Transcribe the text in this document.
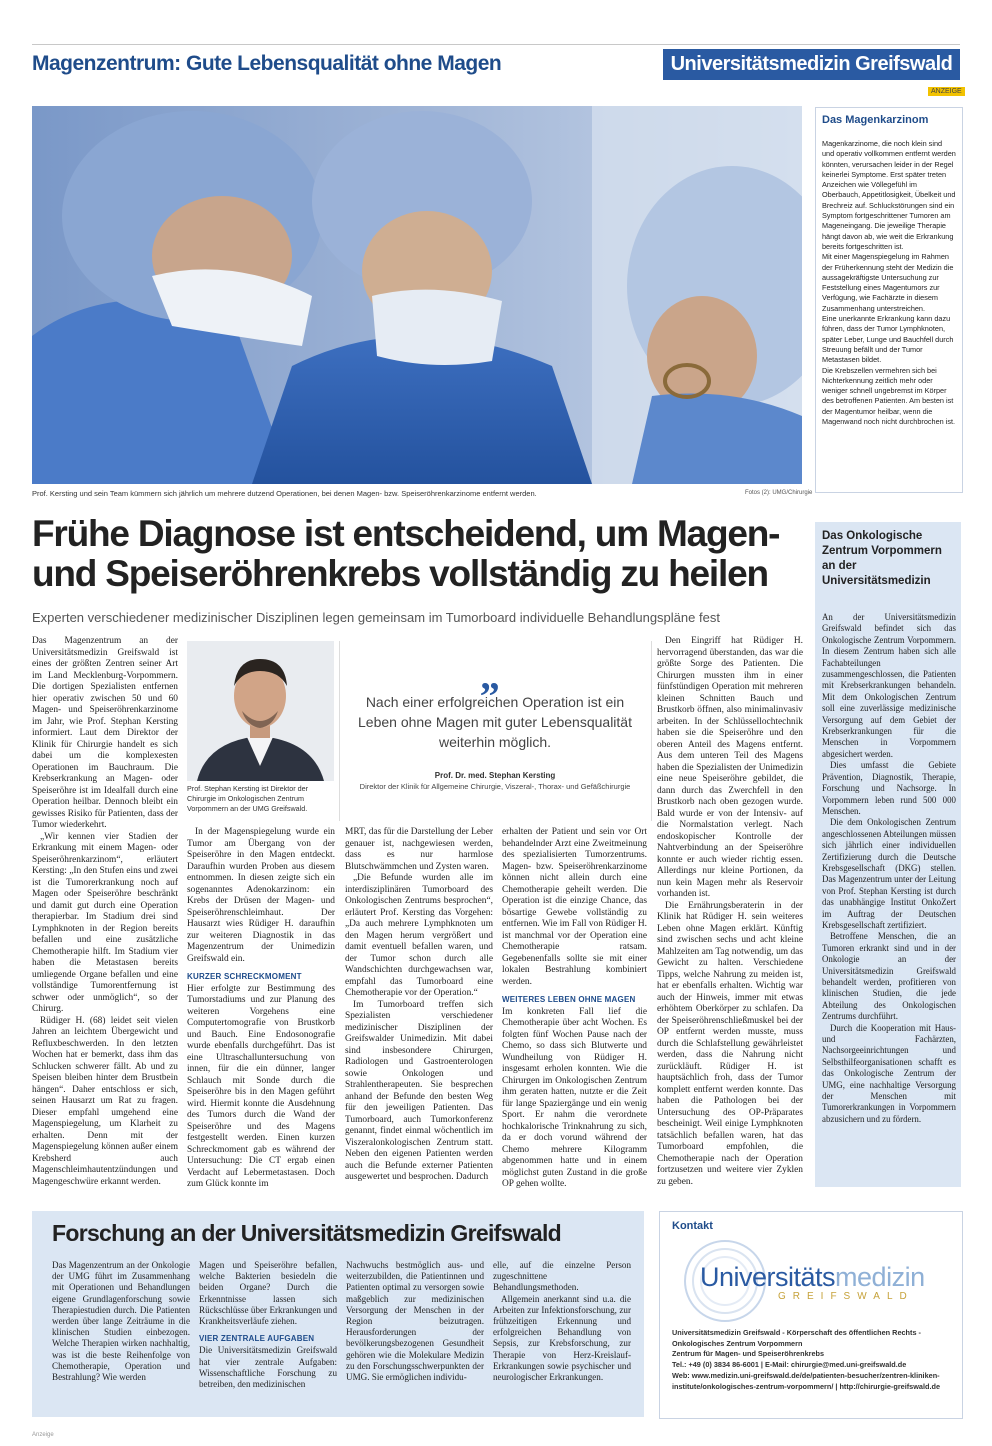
Magenzentrum: Gute Lebensqualität ohne Magen	Universitätsmedizin Greifswald
ANZEIGE
Prof. Kersting und sein Team kümmern sich jährlich um mehrere dutzend Operationen, bei denen Magen- bzw. Speiseröhrenkarzinome entfernt werden.	Fotos (2): UMG/Chirurgie
Das Magenkarzinom
Magenkarzinome, die noch klein sind und operativ vollkommen entfernt werden könnten, verursachen leider in der Regel keinerlei Symptome. Erst später treten Anzeichen wie Völlegefühl im Oberbauch, Appetitlosigkeit, Übelkeit und Brechreiz auf. Schluckstörungen sind ein Symptom fortgeschrittener Tumoren am Mageneingang. Die jeweilige Therapie hängt davon ab, wie weit die Erkrankung bereits fortgeschritten ist.
Mit einer Magenspiegelung im Rahmen der Früherkennung steht der Medizin die aussagekräftigste Untersuchung zur Feststellung eines Magentumors zur Verfügung, wie Fachärzte in diesem Zusammenhang unterstreichen.
Eine unerkannte Erkrankung kann dazu führen, dass der Tumor Lymphknoten, später Leber, Lunge und Bauchfell durch Streuung befällt und der Tumor Metastasen bildet.
Die Krebszellen vermehren sich bei Nichterkennung zeitlich mehr oder weniger schnell ungebremst im Körper des betroffenen Patienten. Am besten ist der Magentumor heilbar, wenn die Magenwand noch nicht durchbrochen ist.
Frühe Diagnose ist entscheidend, um Magen- und Speiseröhrenkrebs vollständig zu heilen
Experten verschiedener medizinischer Disziplinen legen gemeinsam im Tumorboard individuelle Behandlungspläne fest

Das Magenzentrum an der Universitätsmedizin Greifswald ist eines der größten Zentren seiner Art im Land Mecklenburg-Vorpommern. Die dortigen Spezialisten entfernen hier operativ zwischen 50 und 60 Magen- und Speiseröhrenkarzinome im Jahr, wie Prof. Stephan Kersting informiert. Laut dem Direktor der Klinik für Chirurgie handelt es sich dabei um die komplexesten Operationen im Bauchraum. Die Krebserkrankung an Magen- oder Speiseröhre ist im Idealfall durch eine Operation heilbar. Dennoch bleibt ein gewisses Risiko für Patienten, dass der Tumor wiederkehrt.

„Wir kennen vier Stadien der Erkrankung mit einem Magen- oder Speiseröhrenkarzinom“, erläutert Kersting: „In den Stufen eins und zwei ist die Tumorerkrankung noch auf Magen oder Speiseröhre beschränkt und damit gut durch eine Operation therapierbar. Im Stadium drei sind Lymphknoten in der Region bereits befallen und eine zusätzliche Chemotherapie hilft. Im Stadium vier haben die Metastasen bereits umliegende Organe befallen und eine vollständige Tumorentfernung ist schwer oder unmöglich“, so der Chirurg.

Rüdiger H. (68) leidet seit vielen Jahren an leichtem Übergewicht und Refluxbeschwerden. In den letzten Wochen hat er bemerkt, dass ihm das Schlucken schwerer fällt. Ab und zu Speisen bleiben hinter dem Brustbein hängen“. Daher entschloss er sich, seinen Hausarzt um Rat zu fragen. Dieser empfahl umgehend eine Magenspiegelung, um Klarheit zu erhalten. Denn mit der Magenspiegelung können außer einem Krebsherd auch Magenschleimhautentzündungen und Magengeschwüre erkannt werden.

Prof. Stephan Kersting ist Direktor der Chirurgie im Onkologischen Zentrum Vorpommern an der UMG Greifswald.
„
Nach einer erfolgreichen Operation ist ein Leben ohne Magen mit guter Lebensqualität weiterhin möglich.
Prof. Dr. med. Stephan Kersting
Direktor der Klinik für Allgemeine Chirurgie, Viszeral-, Thorax- und Gefäßchirurgie

In der Magenspiegelung wurde ein Tumor am Übergang von der Speiseröhre in den Magen entdeckt. Daraufhin wurden Proben aus diesem entnommen. In diesen zeigte sich ein sogenanntes Adenokarzinom: ein Krebs der Drüsen der Magen- und Speiseröhrenschleimhaut. Der Hausarzt wies Rüdiger H. daraufhin zur weiteren Diagnostik in das Magenzentrum der Unimedizin Greifswald ein.

KURZER SCHRECKMOMENT

Hier erfolgte zur Bestimmung des Tumorstadiums und zur Planung des weiteren Vorgehens eine Computertomografie von Brustkorb und Bauch. Eine Endosonografie wurde ebenfalls durchgeführt. Das ist eine Ultraschalluntersuchung von innen, für die ein dünner, langer Schlauch mit Sonde durch die Speiseröhre bis in den Magen geführt wird. Hiermit konnte die Ausdehnung des Tumors durch die Wand der Speiseröhre und des Magens festgestellt werden. Einen kurzen Schreckmoment gab es während der Untersuchung: Die CT ergab einen Verdacht auf Lebermetastasen. Doch zum Glück konnte im

MRT, das für die Darstellung der Leber genauer ist, nachgewiesen werden, dass es nur harmlose Blutschwämmchen und Zysten waren.

„Die Befunde wurden alle im interdisziplinären Tumorboard des Onkologischen Zentrums besprochen“, erläutert Prof. Kersting das Vorgehen: „Da auch mehrere Lymphknoten um den Magen herum vergrößert und damit eventuell befallen waren, und der Tumor schon durch alle Wandschichten durchgewachsen war, empfahl das Tumorboard eine Chemotherapie vor der Operation.“

Im Tumorboard treffen sich Spezialisten verschiedener medizinischer Disziplinen der Greifswalder Unimedizin. Mit dabei sind insbesondere Chirurgen, Radiologen und Gastroenterologen sowie Onkologen und Strahlentherapeuten. Sie besprechen anhand der Befunde den besten Weg für den jeweiligen Patienten. Das Tumorboard, auch Tumorkonferenz genannt, findet einmal wöchentlich im Viszeralonkologischen Zentrum statt. Neben den eigenen Patienten werden auch die Befunde externer Patienten ausgewertet und besprochen. Dadurch

erhalten der Patient und sein vor Ort behandelnder Arzt eine Zweitmeinung des spezialisierten Tumorzentrums. Magen- bzw. Speiseröhrenkarzinome können nicht allein durch eine Chemotherapie geheilt werden. Die Operation ist die einzige Chance, das bösartige Gewebe vollständig zu entfernen. Wie im Fall von Rüdiger H. ist manchmal vor der Operation eine Chemotherapie ratsam. Gegebenenfalls sollte sie mit einer lokalen Bestrahlung kombiniert werden.

WEITERES LEBEN OHNE MAGEN

Im konkreten Fall lief die Chemotherapie über acht Wochen. Es folgten fünf Wochen Pause nach der Chemo, so dass sich Blutwerte und Wundheilung von Rüdiger H. insgesamt erholen konnten. Wie die Chirurgen im Onkologischen Zentrum ihm geraten hatten, nutzte er die Zeit für lange Spaziergänge und ein wenig Sport. Er nahm die verordnete hochkalorische Trinknahrung zu sich, da er doch vorund während der Chemo mehrere Kilogramm abgenommen hatte und in einem möglichst guten Zustand in die große OP gehen wollte.

Den Eingriff hat Rüdiger H. hervorragend überstanden, das war die größte Sorge des Patienten. Die Chirurgen mussten ihm in einer fünfstündigen Operation mit mehreren kleinen Schnitten Bauch und Brustkorb öffnen, also minimalinvasiv arbeiten. In der Schlüssellochtechnik haben sie die Speiseröhre und den oberen Anteil des Magens entfernt. Aus dem unteren Teil des Magens haben die Spezialisten der Unimedizin eine neue Speiseröhre gebildet, die dann durch das Zwerchfell in den Brustkorb nach oben gezogen wurde. Bald wurde er von der Intensiv- auf die Normalstation verlegt. Nach endoskopischer Kontrolle der Nahtverbindung an der Speiseröhre konnte er auch wieder richtig essen. Allerdings nur kleine Portionen, da nun kein Magen mehr als Reservoir vorhanden ist.

Die Ernährungsberaterin in der Klinik hat Rüdiger H. sein weiteres Leben ohne Magen erklärt. Künftig sind zwischen sechs und acht kleine Mahlzeiten am Tag notwendig, um das Gewicht zu halten. Verschiedene Tipps, welche Nahrung zu meiden ist, hat er ebenfalls erhalten. Wichtig war auch der Hinweis, immer mit etwas erhöhtem Oberkörper zu schlafen. Da der Speiseröhrenschließmuskel bei der OP entfernt werden musste, muss durch die Schlafstellung gewährleistet werden, dass die Nahrung nicht zurückläuft. Rüdiger H. ist hauptsächlich froh, dass der Tumor komplett entfernt werden konnte. Das haben die Pathologen bei der Untersuchung des OP-Präparates bescheinigt. Weil einige Lymphknoten tatsächlich befallen waren, hat das Tumorboard empfohlen, die Chemotherapie nach der Operation fortzusetzen und weitere vier Zyklen zu geben.

Das Onkologische Zentrum Vorpommern an der Universitätsmedizin

An der Universitätsmedizin Greifswald befindet sich das Onkologische Zentrum Vorpommern. In diesem Zentrum haben sich alle Fachabteilungen zusammengeschlossen, die Patienten mit Krebserkrankungen behandeln. Mit dem Onkologischen Zentrum soll eine zuverlässige medizinische Versorgung auf dem Gebiet der Krebserkrankungen für die Menschen in Vorpommern abgesichert werden.

Dies umfasst die Gebiete Prävention, Diagnostik, Therapie, Forschung und Nachsorge. In Vorpommern leben rund 500 000 Menschen.

Die dem Onkologischen Zentrum angeschlossenen Abteilungen müssen sich jährlich einer individuellen Zertifizierung durch die Deutsche Krebsgesellschaft (DKG) stellen. Das Magenzentrum unter der Leitung von Prof. Stephan Kersting ist durch das unabhängige Institut OnkoZert im Auftrag der Deutschen Krebsgesellschaft zertifiziert.

Betroffene Menschen, die an Tumoren erkrankt sind und in der Onkologie an der Universitätsmedizin Greifswald behandelt werden, profitieren von klinischen Studien, die jede Abteilung des Onkologischen Zentrums durchführt.

Durch die Kooperation mit Haus- und Fachärzten, Nachsorgeeinrichtungen und Selbsthilfeorganisationen schafft es das Onkologische Zentrum der UMG, eine nachhaltige Versorgung der Menschen mit Tumorerkrankungen in Vorpommern abzusichern und zu fördern.

Forschung an der Universitätsmedizin Greifswald

Das Magenzentrum an der Onkologie der UMG führt im Zusammenhang mit Operationen und Behandlungen eigene Grundlagenforschung sowie Therapiestudien durch. Die Patienten werden über lange Zeiträume in die klinischen Studien einbezogen. Welche Therapien wirken nachhaltig, was ist die beste Reihenfolge von Chemotherapie, Operation und Bestrahlung? Wie werden

Magen und Speiseröhre befallen, welche Bakterien besiedeln die beiden Organe? Durch die Erkenntnisse lassen sich Rückschlüsse über Erkrankungen und Krankheitsverläufe ziehen.

VIER ZENTRALE AUFGABEN

Die Universitätsmedizin Greifswald hat vier zentrale Aufgaben: Wissenschaftliche Forschung zu betreiben, den medizinischen

Nachwuchs bestmöglich aus- und weiterzubilden, die Patientinnen und Patienten optimal zu versorgen sowie maßgeblich zur medizinischen Versorgung der Menschen in der Region beizutragen. Herausforderungen der bevölkerungsbezogenen Gesundheit gehören wie die Molekulare Medizin zu den Forschungsschwerpunkten der UMG. Sie ermöglichen individu-

elle, auf die einzelne Person zugeschnittene Behandlungsmethoden.

Allgemein anerkannt sind u.a. die Arbeiten zur Infektionsforschung, zur frühzeitigen Erkennung und erfolgreichen Behandlung von Sepsis, zur Krebsforschung, zur Therapie von Herz-Kreislauf-Erkrankungen sowie psychischer und neurologischer Erkrankungen.

Kontakt
Universitätsmedizin
GREIFSWALD
Universitätsmedizin Greifswald - Körperschaft des öffentlichen Rechts -
Onkologisches Zentrum Vorpommern
Zentrum für Magen- und Speiseröhrenkrebs
Tel.: +49 (0) 3834 86-6001 | E-Mail: chirurgie@med.uni-greifswald.de
Web: www.medizin.uni-greifswald.de/de/patienten-besucher/zentren-kliniken-institute/onkologisches-zentrum-vorpommern/ | http://chirurgie-greifswald.de
Anzeige
